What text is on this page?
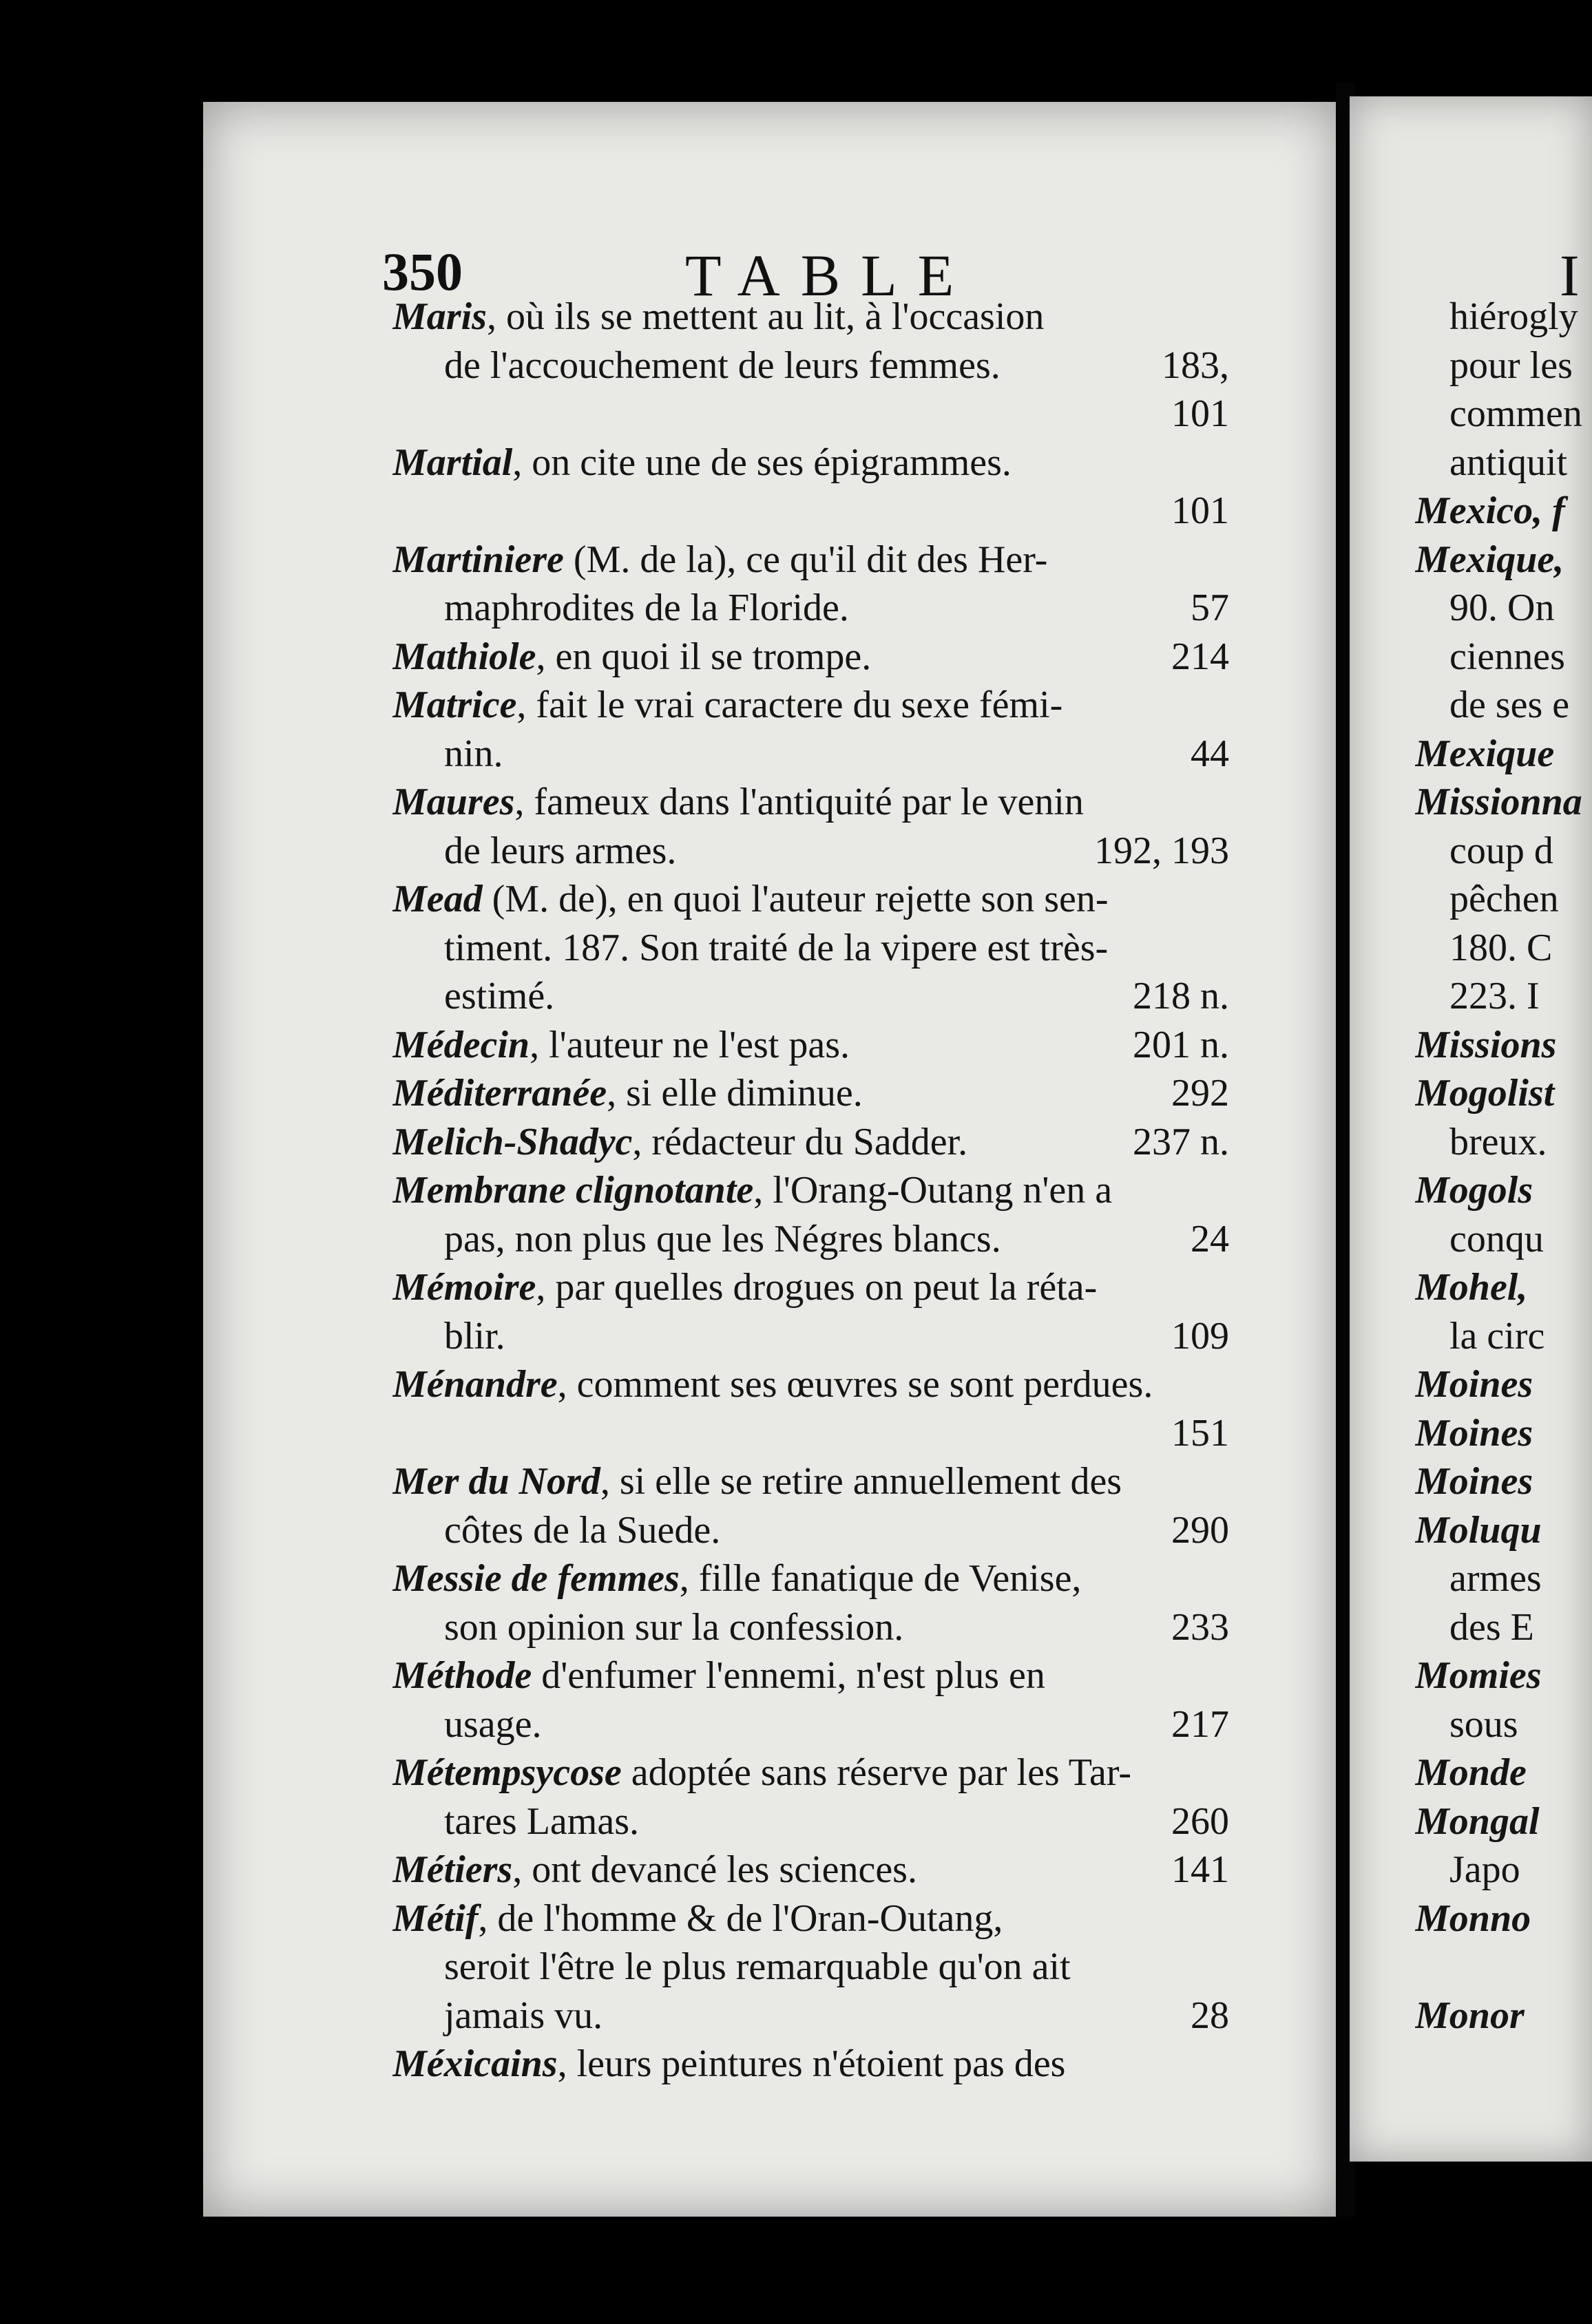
350	TABLE
Maris, où ils se mettent au lit, à l'occasion
de l'accouchement de leurs femmes.	183,
101
Martial, on cite une de ses épigrammes.
101
Martiniere (M. de la), ce qu'il dit des Her-
maphrodites de la Floride.	57
Mathiole, en quoi il se trompe.	214
Matrice, fait le vrai caractere du sexe fémi-
nin.	44
Maures, fameux dans l'antiquité par le venin
de leurs armes.	192, 193
Mead (M. de), en quoi l'auteur rejette son sen-
timent. 187. Son traité de la vipere est très-
estimé.	218 n.
Médecin, l'auteur ne l'est pas.	201 n.
Méditerranée, si elle diminue.	292
Melich-Shadyc, rédacteur du Sadder.	237 n.
Membrane clignotante, l'Orang-Outang n'en a
pas, non plus que les Négres blancs.	24
Mémoire, par quelles drogues on peut la réta-
blir.	109
Ménandre, comment ses œuvres se sont perdues.
151
Mer du Nord, si elle se retire annuellement des
côtes de la Suede.	290
Messie de femmes, fille fanatique de Venise,
son opinion sur la confession.	233
Méthode d'enfumer l'ennemi, n'est plus en
usage.	217
Métempsycose adoptée sans réserve par les Tar-
tares Lamas.	260
Métiers, ont devancé les sciences.	141
Métif, de l'homme & de l'Oran-Outang,
seroit l'être le plus remarquable qu'on ait
jamais vu.	28
Méxicains, leurs peintures n'étoient pas des
I
hiérogly
pour les
commen
antiquit
Mexico, f
Mexique,
90. On
ciennes
de ses e
Mexique
Missionna
coup d
pêchen
180. C
223. I
Missions
Mogolist
breux.
Mogols
conqu
Mohel,
la circ
Moines
Moines
Moines
Moluqu
armes
des E
Momies
sous
Monde
Mongal
Japo
Monno
Monor
